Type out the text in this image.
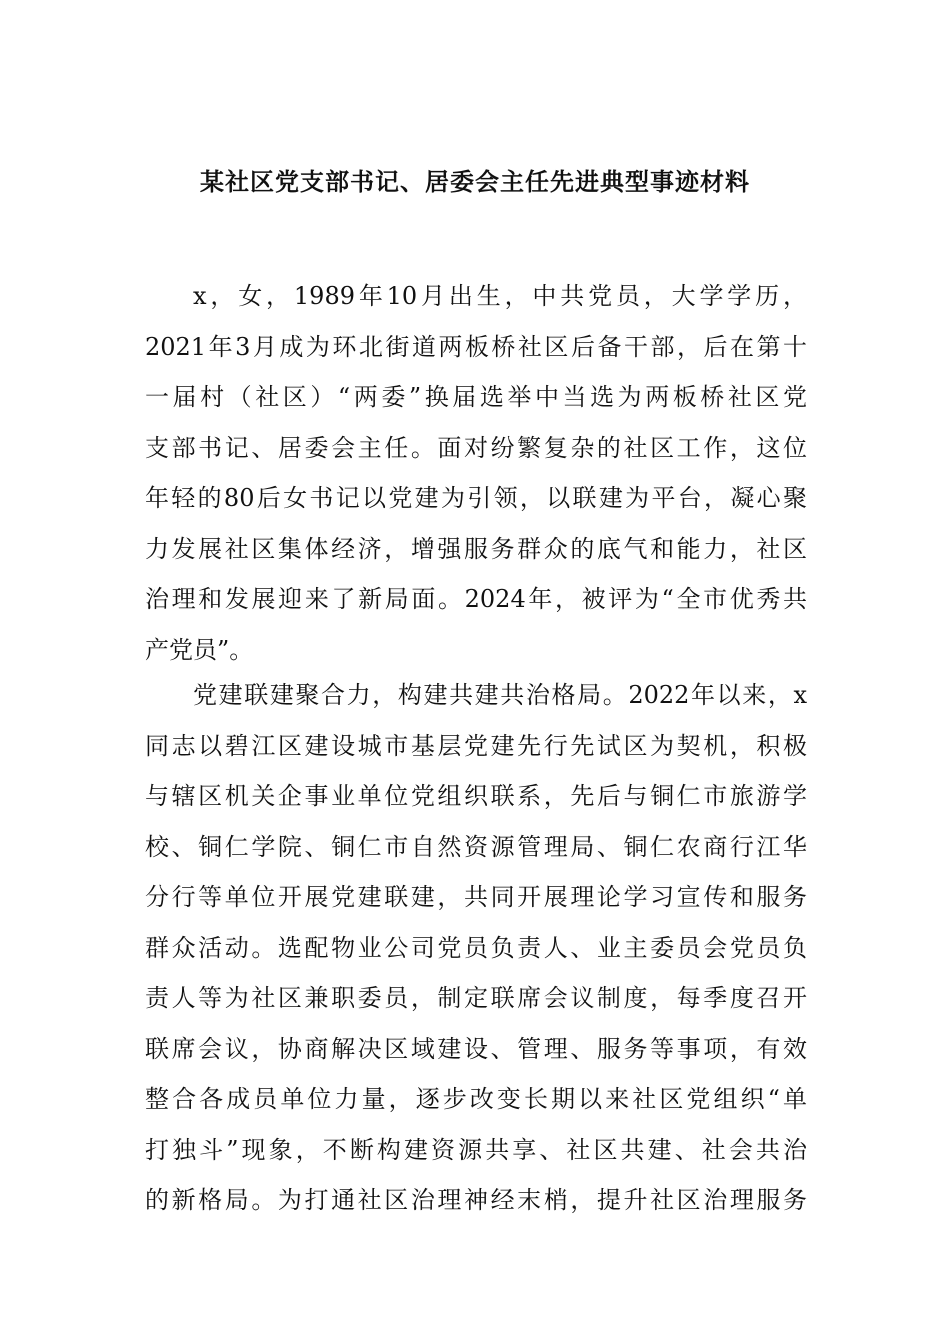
某社区党支部书记、居委会主任先进典型事迹材料
x，女，1989年10月出生，中共党员，大学学历，
2021年3月成为环北街道两板桥社区后备干部，后在第十
一届村（社区）“两委”换届选举中当选为两板桥社区党
支部书记、居委会主任。面对纷繁复杂的社区工作，这位
年轻的80后女书记以党建为引领，以联建为平台，凝心聚
力发展社区集体经济，增强服务群众的底气和能力，社区
治理和发展迎来了新局面。2024年，被评为“全市优秀共
产党员”。
党建联建聚合力，构建共建共治格局。2022年以来，x
同志以碧江区建设城市基层党建先行先试区为契机，积极
与辖区机关企事业单位党组织联系，先后与铜仁市旅游学
校、铜仁学院、铜仁市自然资源管理局、铜仁农商行江华
分行等单位开展党建联建，共同开展理论学习宣传和服务
群众活动。选配物业公司党员负责人、业主委员会党员负
责人等为社区兼职委员，制定联席会议制度，每季度召开
联席会议，协商解决区域建设、管理、服务等事项，有效
整合各成员单位力量，逐步改变长期以来社区党组织“单
打独斗”现象，不断构建资源共享、社区共建、社会共治
的新格局。为打通社区治理神经末梢，提升社区治理服务
